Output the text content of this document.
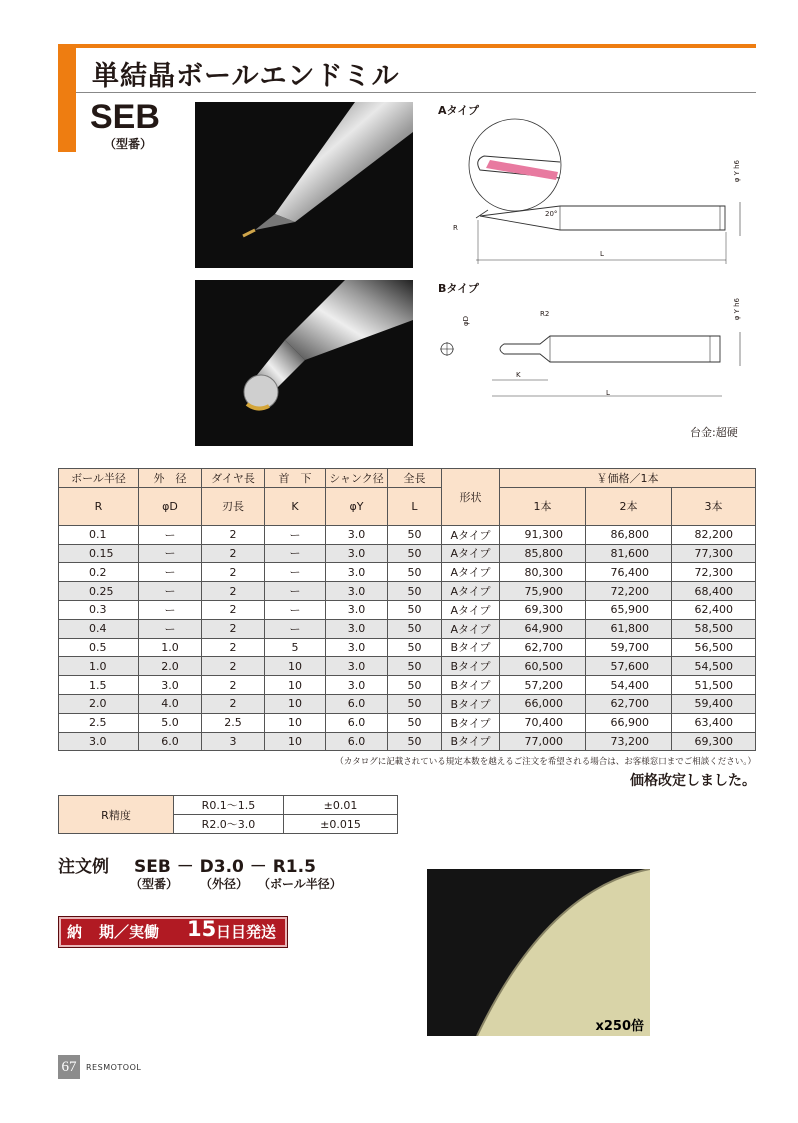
単結晶ボールエンドミル
SEB
（型番）
Aタイプ
φ Y h6
20°
R
L
Bタイプ
φD
R2	φ Y h6
K
L
台金:超硬
ボール半径	外　径	ダイヤ長	首　下	シャンク径	全長	形状	￥価格／1本		
R	φD	刃長	K	φY	L		1本	2本	3本
0.1	ー	2	ー	3.0	50	Aタイプ	91,300	86,800	82,200
0.15	ー	2	ー	3.0	50	Aタイプ	85,800	81,600	77,300
0.2	ー	2	ー	3.0	50	Aタイプ	80,300	76,400	72,300
0.25	ー	2	ー	3.0	50	Aタイプ	75,900	72,200	68,400
0.3	ー	2	ー	3.0	50	Aタイプ	69,300	65,900	62,400
0.4	ー	2	ー	3.0	50	Aタイプ	64,900	61,800	58,500
0.5	1.0	2	5	3.0	50	Bタイプ	62,700	59,700	56,500
1.0	2.0	2	10	3.0	50	Bタイプ	60,500	57,600	54,500
1.5	3.0	2	10	3.0	50	Bタイプ	57,200	54,400	51,500
2.0	4.0	2	10	6.0	50	Bタイプ	66,000	62,700	59,400
2.5	5.0	2.5	10	6.0	50	Bタイプ	70,400	66,900	63,400
3.0	6.0	3	10	6.0	50	Bタイプ	77,000	73,200	69,300
（カタログに記載されている規定本数を越えるご注文を希望される場合は、お客様窓口までご相談ください。）
価格改定しました。
R精度	R0.1〜1.5	±0.01
	R2.0〜3.0	±0.015
注文例 SEB － D3.0 － R1.5
（型番） （外径） （ボール半径）
納 期／実働 15 日目発送
x250倍
67	RESMOTOOL
